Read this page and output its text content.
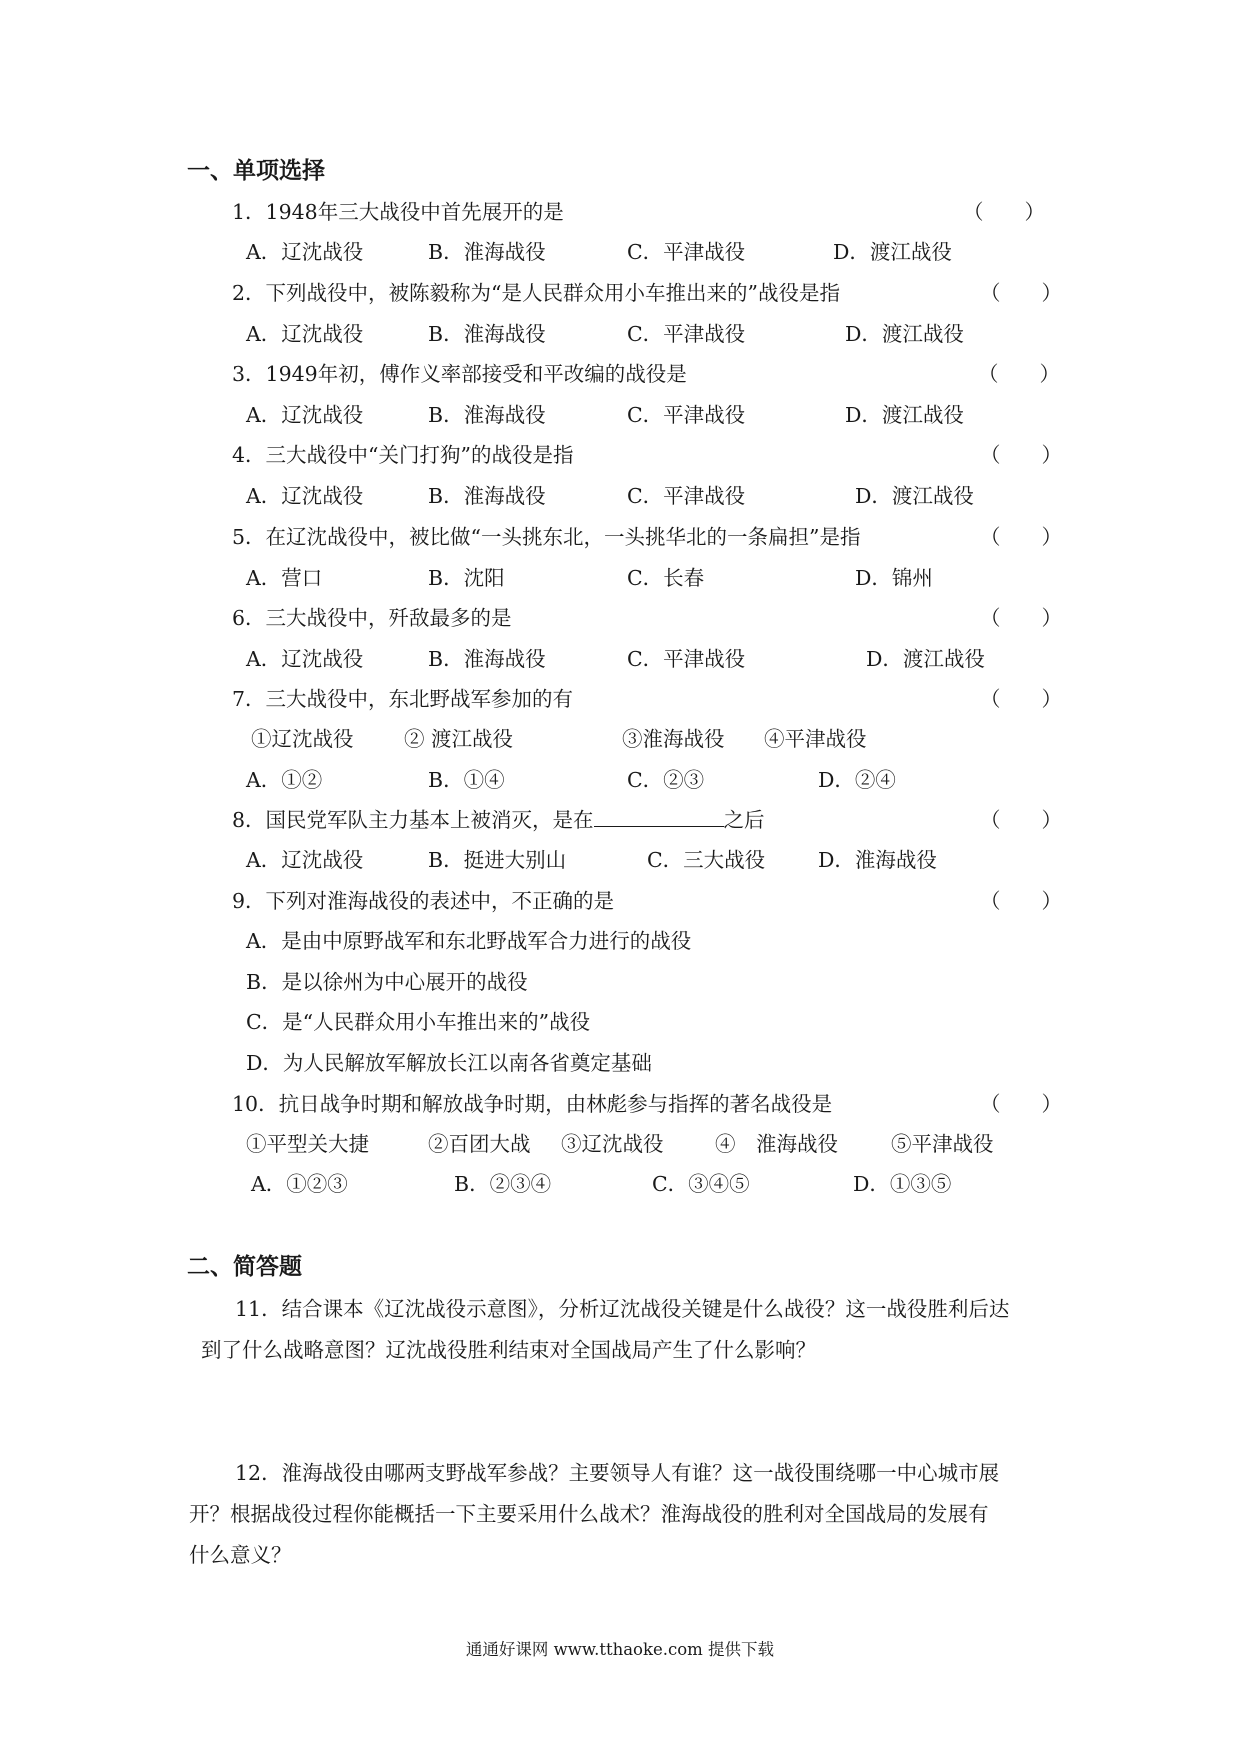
一、单项选择
1．1948年三大战役中首先展开的是	（　　）
A．辽沈战役	B．淮海战役	C．平津战役	D．渡江战役
2．下列战役中，被陈毅称为“是人民群众用小车推出来的”战役是指	（　　）
A．辽沈战役	B．淮海战役	C．平津战役	D．渡江战役
3．1949年初，傅作义率部接受和平改编的战役是	（　　）
A．辽沈战役	B．淮海战役	C．平津战役	D．渡江战役
4．三大战役中“关门打狗”的战役是指	（　　）
A．辽沈战役	B．淮海战役	C．平津战役	D．渡江战役
5．在辽沈战役中，被比做“一头挑东北，一头挑华北的一条扁担”是指	（　　）
A．营口	B．沈阳	C．长春	D．锦州
6．三大战役中，歼敌最多的是	（　　）
A．辽沈战役	B．淮海战役	C．平津战役	D．渡江战役
7．三大战役中，东北野战军参加的有	（　　）
①辽沈战役 ② 渡江战役	③淮海战役 ④平津战役
A．①②	B．①④	C．②③	D．②④
8．国民党军队主力基本上被消灭，是在	之后	（　　）
A．辽沈战役	B．挺进大别山	C．三大战役	D．淮海战役
9．下列对淮海战役的表述中，不正确的是	（　　）
A．是由中原野战军和东北野战军合力进行的战役
B．是以徐州为中心展开的战役
C．是“人民群众用小车推出来的”战役
D．为人民解放军解放长江以南各省奠定基础
10．抗日战争时期和解放战争时期，由林彪参与指挥的著名战役是	（　　）
①平型关大捷	②百团大战 ③辽沈战役	④　淮海战役	⑤平津战役
A．①②③	B．②③④	C．③④⑤	D．①③⑤
二、简答题
11．结合课本《辽沈战役示意图》，分析辽沈战役关键是什么战役？这一战役胜利后达
到了什么战略意图？辽沈战役胜利结束对全国战局产生了什么影响？
12．淮海战役由哪两支野战军参战？主要领导人有谁？这一战役围绕哪一中心城市展
开？根据战役过程你能概括一下主要采用什么战术？淮海战役的胜利对全国战局的发展有
什么意义？
通通好课网 www.tthaoke.com 提供下载
